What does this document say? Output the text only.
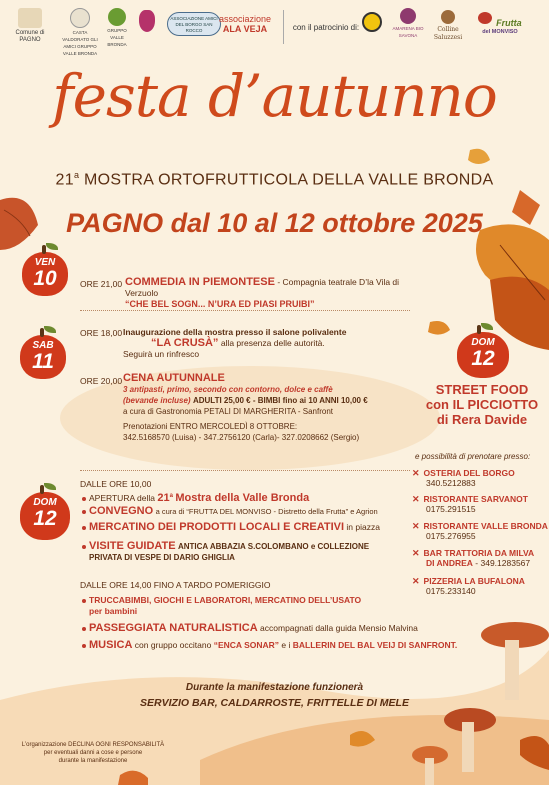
Comune di PAGNO
CASTA VALDORATO GLI AMICI GRUPPO VALLE BRONDA
GRUPPO VALLE BRONDA
ASSOCIAZIONE AMICI DEL BORGO SAN ROCCO
associazione
ALA VEJA	con il patrocinio di:	AMARENA BIO SAVONA
Colline Saluzzesi
Frutta
del MONVISO
festa d’autunno
21$^a$ MOSTRA ORTOFRUTTICOLA DELLA VALLE BRONDA
PAGNO dal 10 al 12 ottobre 2025
VEN
10	ORE 21,00 COMMEDIA IN PIEMONTESE - Compagnia teatrale D’la Vila di Verzuolo
“CHE BEL SOGN... N’URA ED PIASI PRUIBI”
SAB
11
ORE 18,00 Inaugurazione della mostra presso il salone polivalente
“LA CRUSÀ” alla presenza delle autorità.
Seguirà un rinfresco
ORE 20,00 CENA AUTUNNALE
3 antipasti, primo, secondo con contorno, dolce e caffè
(bevande incluse) ADULTI 25,00 € - BIMBI fino ai 10 ANNI 10,00 €
a cura di Gastronomia PETALI DI MARGHERITA - Sanfront
Prenotazioni ENTRO MERCOLEDÌ 8 OTTOBRE:
342.5168570 (Luisa) - 347.2756120 (Carla)- 327.0208662 (Sergio)
DOM
12
DALLE ORE 10,00
APERTURA della 21$^a$ Mostra della Valle Bronda
CONVEGNO a cura di “FRUTTA DEL MONVISO - Distretto della Frutta” e Agrion
MERCATINO DEI PRODOTTI LOCALI E CREATIVI in piazza
VISITE GUIDATE ANTICA ABBAZIA S.COLOMBANO e COLLEZIONE
PRIVATA DI VESPE DI DARIO GHIGLIA
DALLE ORE 14,00 FINO A TARDO POMERIGGIO
TRUCCABIMBI, GIOCHI E LABORATORI, MERCATINO DELL’USATO
per bambini
PASSEGGIATA NATURALISTICA accompagnati dalla guida Mensio Malvina
MUSICA con gruppo occitano “ENCA SONAR” e i BALLERIN DEL BAL VEIJ DI SANFRONT.
DOM
12
STREET FOOD
con IL PICCIOTTO
di Rera Davide
e possibilità di prenotare presso:
✕ OSTERIA DEL BORGO
340.5212883
✕ RISTORANTE SARVANOT
0175.291515
✕ RISTORANTE VALLE BRONDA
0175.276955
✕ BAR TRATTORIA DA MILVA
DI ANDREA - 349.1283567
✕ PIZZERIA LA BUFALONA
0175.233140
Durante la manifestazione funzionerà
SERVIZIO BAR, CALDARROSTE, FRITTELLE DI MELE
L’organizzazione DECLINA OGNI RESPONSABILITÀ
per eventuali danni a cose e persone
durante la manifestazione
